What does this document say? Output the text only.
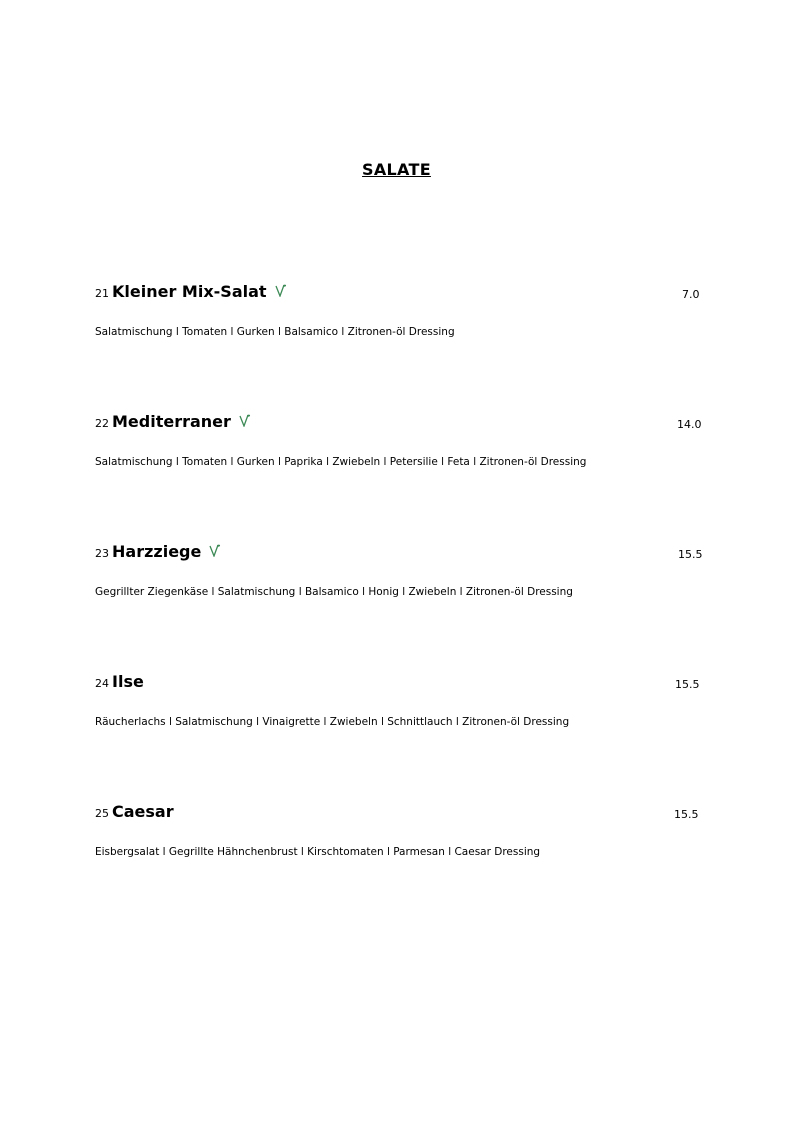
SALATE
21 Kleiner Mix-Salat	7.0
Salatmischung l Tomaten l Gurken l Balsamico l Zitronen-öl Dressing
22 Mediterraner	14.0
Salatmischung l Tomaten l Gurken l Paprika l Zwiebeln l Petersilie l Feta l Zitronen-öl Dressing
23 Harzziege	15.5
Gegrillter Ziegenkäse l Salatmischung l Balsamico l Honig l Zwiebeln l Zitronen-öl Dressing
24 Ilse	15.5
Räucherlachs l Salatmischung l Vinaigrette l Zwiebeln l Schnittlauch l Zitronen-öl Dressing
25 Caesar	15.5
Eisbergsalat l Gegrillte Hähnchenbrust l Kirschtomaten l Parmesan l Caesar Dressing
